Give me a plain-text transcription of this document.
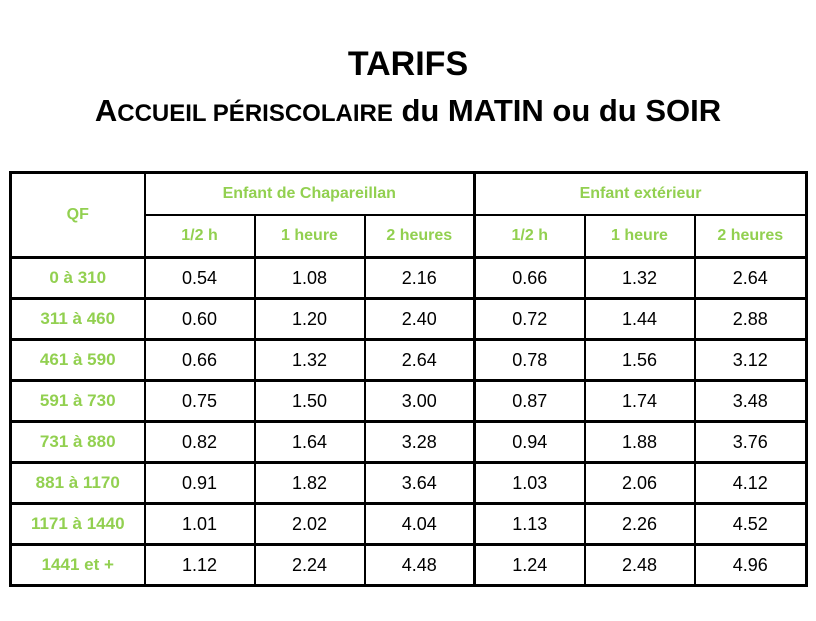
TARIFS
ACCUEIL PÉRISCOLAIRE du MATIN ou du SOIR
QF	Enfant de Chapareillan			Enfant extérieur		
	1/2 h	1 heure	2 heures	1/2 h	1 heure	2 heures
0 à 310	0.54	1.08	2.16	0.66	1.32	2.64
311 à 460	0.60	1.20	2.40	0.72	1.44	2.88
461 à 590	0.66	1.32	2.64	0.78	1.56	3.12
591 à 730	0.75	1.50	3.00	0.87	1.74	3.48
731 à 880	0.82	1.64	3.28	0.94	1.88	3.76
881 à 1170	0.91	1.82	3.64	1.03	2.06	4.12
1171 à 1440	1.01	2.02	4.04	1.13	2.26	4.52
1441 et +	1.12	2.24	4.48	1.24	2.48	4.96
